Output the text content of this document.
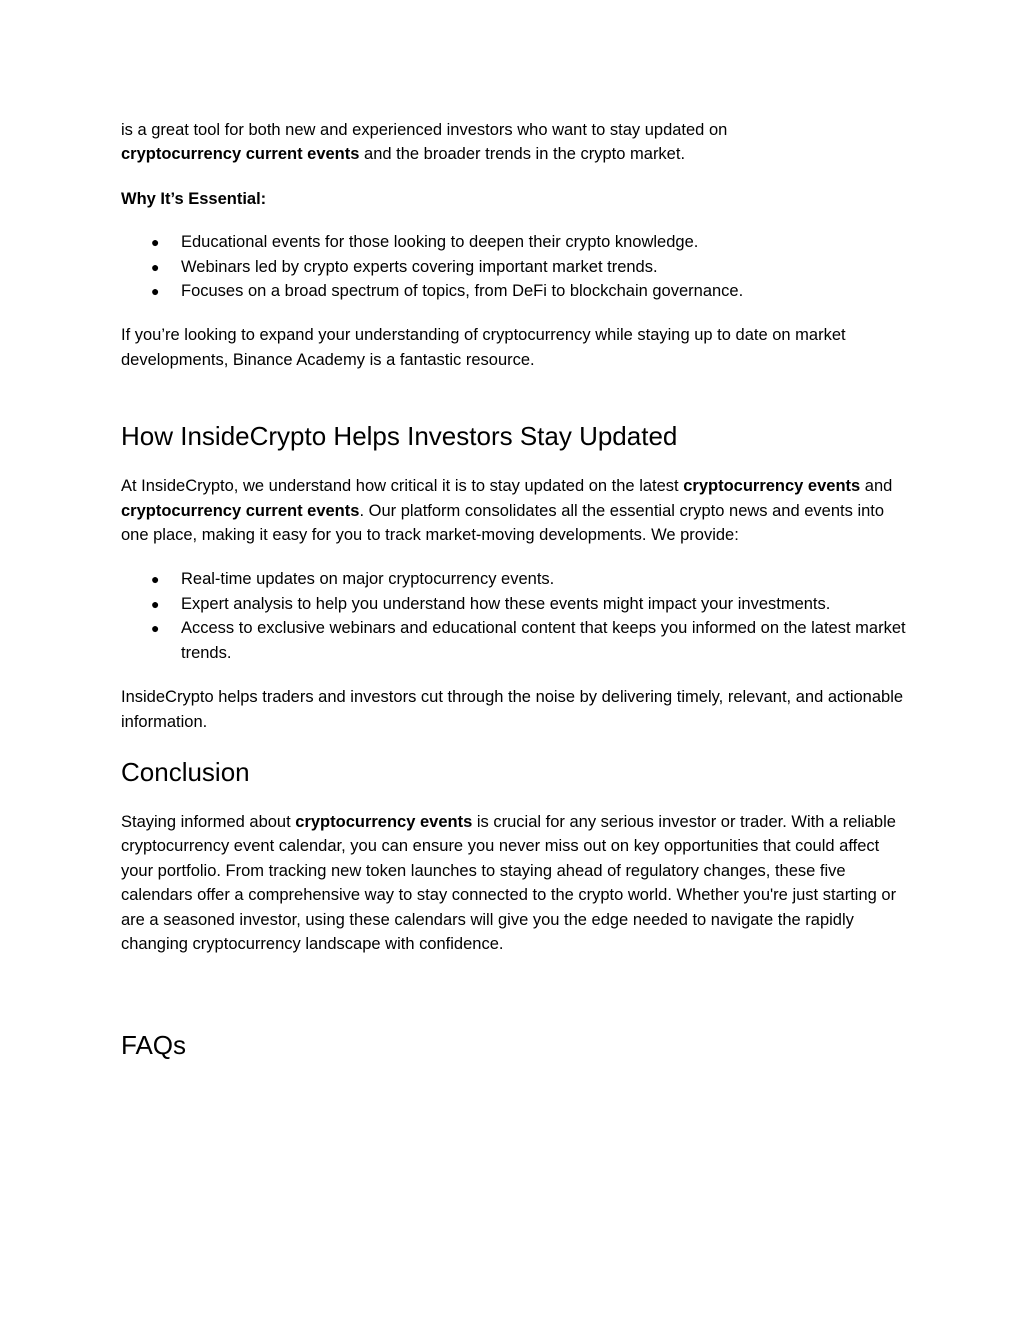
is a great tool for both new and experienced investors who want to stay updated on
cryptocurrency current events and the broader trends in the crypto market.

Why It’s Essential:

● Educational events for those looking to deepen their crypto knowledge.
● Webinars led by crypto experts covering important market trends.
● Focuses on a broad spectrum of topics, from DeFi to blockchain governance.

If you’re looking to expand your understanding of cryptocurrency while staying up to date on market developments, Binance Academy is a fantastic resource.

How InsideCrypto Helps Investors Stay Updated

At InsideCrypto, we understand how critical it is to stay updated on the latest cryptocurrency events and cryptocurrency current events. Our platform consolidates all the essential crypto news and events into one place, making it easy for you to track market-moving developments. We provide:

● Real-time updates on major cryptocurrency events.
● Expert analysis to help you understand how these events might impact your investments.
● Access to exclusive webinars and educational content that keeps you informed on the latest market trends.

InsideCrypto helps traders and investors cut through the noise by delivering timely, relevant, and actionable information.

Conclusion

Staying informed about cryptocurrency events is crucial for any serious investor or trader. With a reliable cryptocurrency event calendar, you can ensure you never miss out on key opportunities that could affect your portfolio. From tracking new token launches to staying ahead of regulatory changes, these five calendars offer a comprehensive way to stay connected to the crypto world. Whether you're just starting or are a seasoned investor, using these calendars will give you the edge needed to navigate the rapidly changing cryptocurrency landscape with confidence.

FAQs
